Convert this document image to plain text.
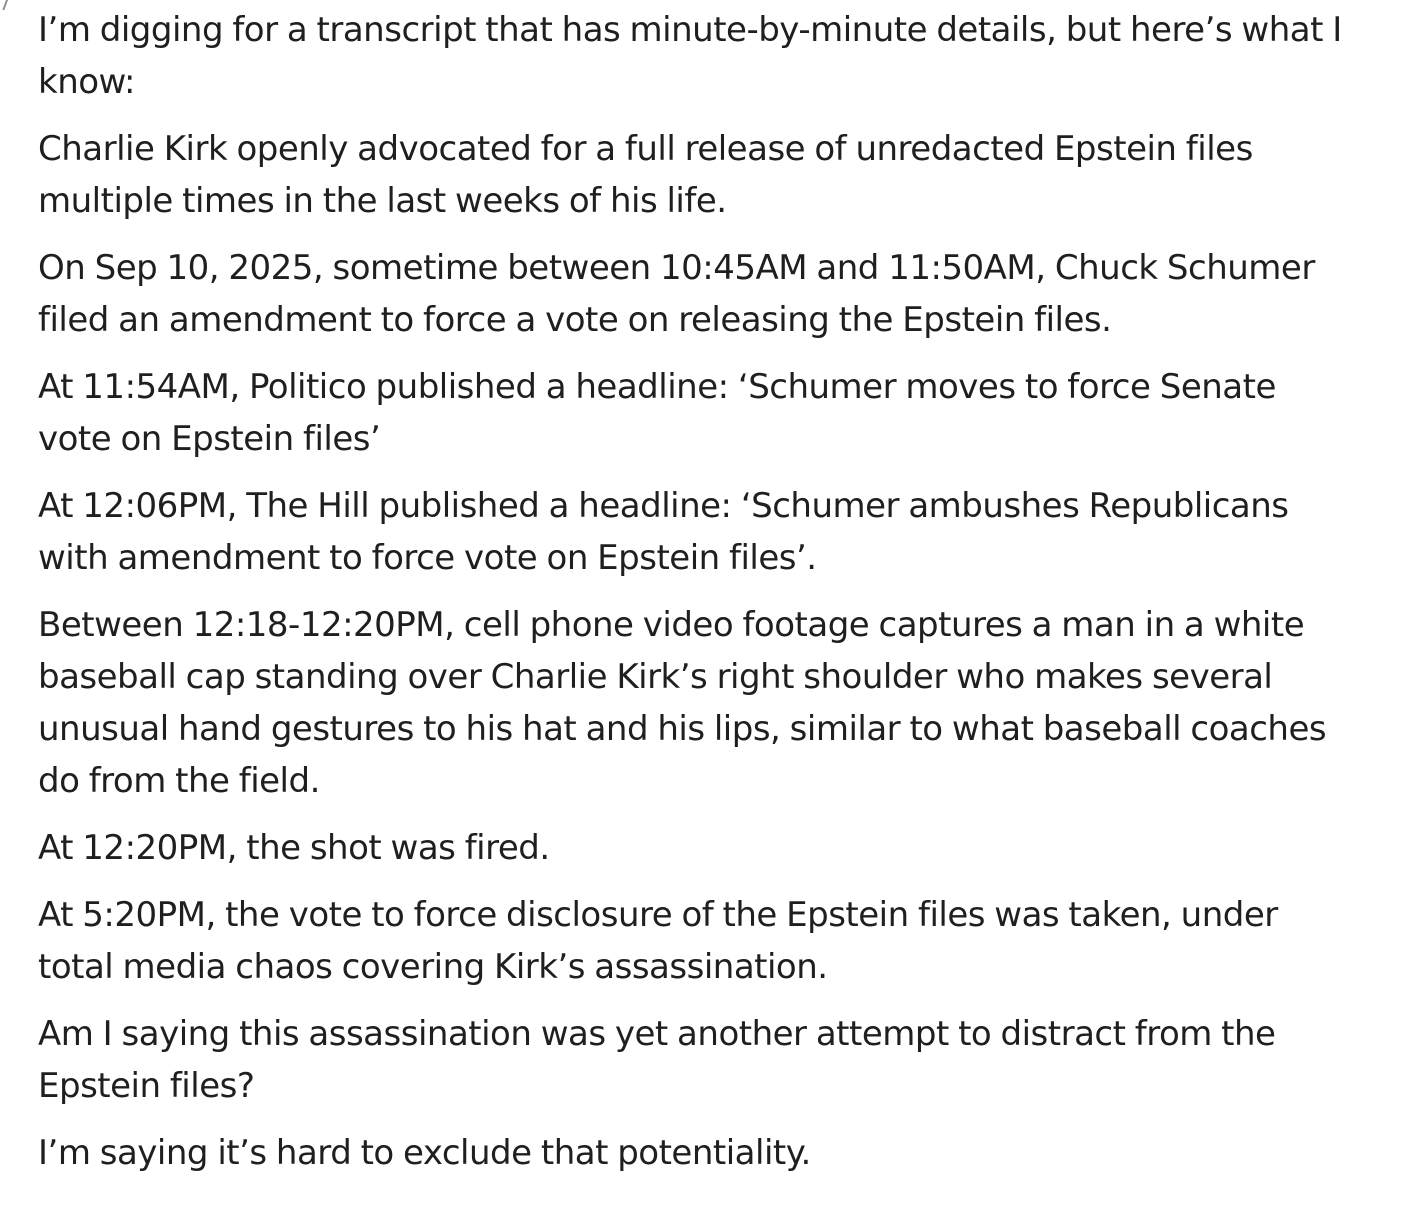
I’m digging for a transcript that has minute-by-minute details, but here’s what I know:

Charlie Kirk openly advocated for a full release of unredacted Epstein files multiple times in the last weeks of his life.

On Sep 10, 2025, sometime between 10:45AM and 11:50AM, Chuck Schumer filed an amendment to force a vote on releasing the Epstein files.

At 11:54AM, Politico published a headline: ‘Schumer moves to force Senate vote on Epstein files’

At 12:06PM, The Hill published a headline: ‘Schumer ambushes Republicans with amendment to force vote on Epstein files’.

Between 12:18-12:20PM, cell phone video footage captures a man in a white baseball cap standing over Charlie Kirk’s right shoulder who makes several unusual hand gestures to his hat and his lips, similar to what baseball coaches do from the field.

At 12:20PM, the shot was fired.

At 5:20PM, the vote to force disclosure of the Epstein files was taken, under total media chaos covering Kirk’s assassination.

Am I saying this assassination was yet another attempt to distract from the Epstein files?

I’m saying it’s hard to exclude that potentiality.
